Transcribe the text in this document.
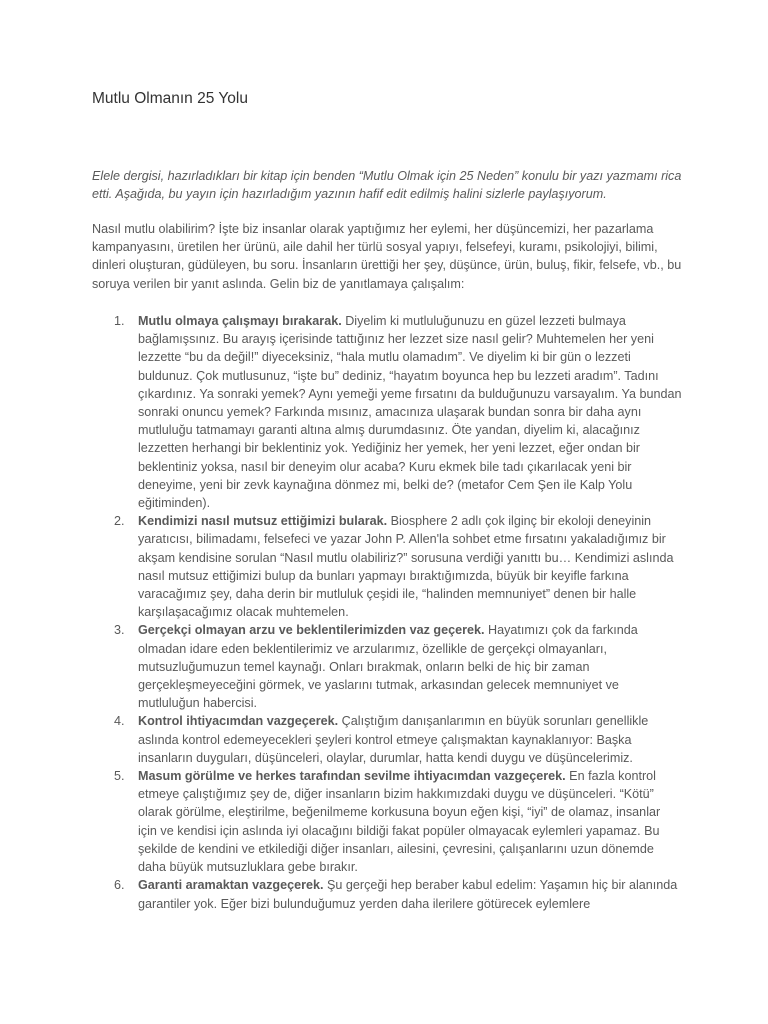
Mutlu Olmanın 25 Yolu

Elele dergisi, hazırladıkları bir kitap için benden “Mutlu Olmak için 25 Neden” konulu bir yazı yazmamı rica etti. Aşağıda, bu yayın için hazırladığım yazının hafif edit edilmiş halini sizlerle paylaşıyorum.

Nasıl mutlu olabilirim? İşte biz insanlar olarak yaptığımız her eylemi, her düşüncemizi, her pazarlama kampanyasını, üretilen her ürünü, aile dahil her türlü sosyal yapıyı, felsefeyi, kuramı, psikolojiyi, bilimi, dinleri oluşturan, güdüleyen, bu soru. İnsanların ürettiği her şey, düşünce, ürün, buluş, fikir, felsefe, vb., bu soruya verilen bir yanıt aslında. Gelin biz de yanıtlamaya çalışalım:

1. Mutlu olmaya çalışmayı bırakarak. Diyelim ki mutluluğunuzu en güzel lezzeti bulmaya bağlamışsınız. Bu arayış içerisinde tattığınız her lezzet size nasıl gelir? Muhtemelen her yeni lezzette “bu da değil!” diyeceksiniz, “hala mutlu olamadım”. Ve diyelim ki bir gün o lezzeti buldunuz. Çok mutlusunuz, “işte bu” dediniz, “hayatım boyunca hep bu lezzeti aradım”. Tadını çıkardınız. Ya sonraki yemek? Aynı yemeği yeme fırsatını da bulduğunuzu varsayalım. Ya bundan sonraki onuncu yemek? Farkında mısınız, amacınıza ulaşarak bundan sonra bir daha aynı mutluluğu tatmamayı garanti altına almış durumdasınız. Öte yandan, diyelim ki, alacağınız lezzetten herhangi bir beklentiniz yok. Yediğiniz her yemek, her yeni lezzet, eğer ondan bir beklentiniz yoksa, nasıl bir deneyim olur acaba? Kuru ekmek bile tadı çıkarılacak yeni bir deneyime, yeni bir zevk kaynağına dönmez mi, belki de? (metafor Cem Şen ile Kalp Yolu eğitiminden).
2. Kendimizi nasıl mutsuz ettiğimizi bularak. Biosphere 2 adlı çok ilginç bir ekoloji deneyinin yaratıcısı, bilimadamı, felsefeci ve yazar John P. Allen'la sohbet etme fırsatını yakaladığımız bir akşam kendisine sorulan “Nasıl mutlu olabiliriz?” sorusuna verdiği yanıttı bu… Kendimizi aslında nasıl mutsuz ettiğimizi bulup da bunları yapmayı bıraktığımızda, büyük bir keyifle farkına varacağımız şey, daha derin bir mutluluk çeşidi ile, “halinden memnuniyet” denen bir halle karşılaşacağımız olacak muhtemelen.
3. Gerçekçi olmayan arzu ve beklentilerimizden vaz geçerek. Hayatımızı çok da farkında olmadan idare eden beklentilerimiz ve arzularımız, özellikle de gerçekçi olmayanları, mutsuzluğumuzun temel kaynağı. Onları bırakmak, onların belki de hiç bir zaman gerçekleşmeyeceğini görmek, ve yaslarını tutmak, arkasından gelecek memnuniyet ve mutluluğun habercisi.
4. Kontrol ihtiyacımdan vazgeçerek. Çalıştığım danışanlarımın en büyük sorunları genellikle aslında kontrol edemeyecekleri şeyleri kontrol etmeye çalışmaktan kaynaklanıyor: Başka insanların duyguları, düşünceleri, olaylar, durumlar, hatta kendi duygu ve düşüncelerimiz.
5. Masum görülme ve herkes tarafından sevilme ihtiyacımdan vazgeçerek. En fazla kontrol etmeye çalıştığımız şey de, diğer insanların bizim hakkımızdaki duygu ve düşünceleri. “Kötü” olarak görülme, eleştirilme, beğenilmeme korkusuna boyun eğen kişi, “iyi” de olamaz, insanlar için ve kendisi için aslında iyi olacağını bildiği fakat popüler olmayacak eylemleri yapamaz. Bu şekilde de kendini ve etkilediği diğer insanları, ailesini, çevresini, çalışanlarını uzun dönemde daha büyük mutsuzluklara gebe bırakır.
6. Garanti aramaktan vazgeçerek. Şu gerçeği hep beraber kabul edelim: Yaşamın hiç bir alanında garantiler yok. Eğer bizi bulunduğumuz yerden daha ilerilere götürecek eylemlere
